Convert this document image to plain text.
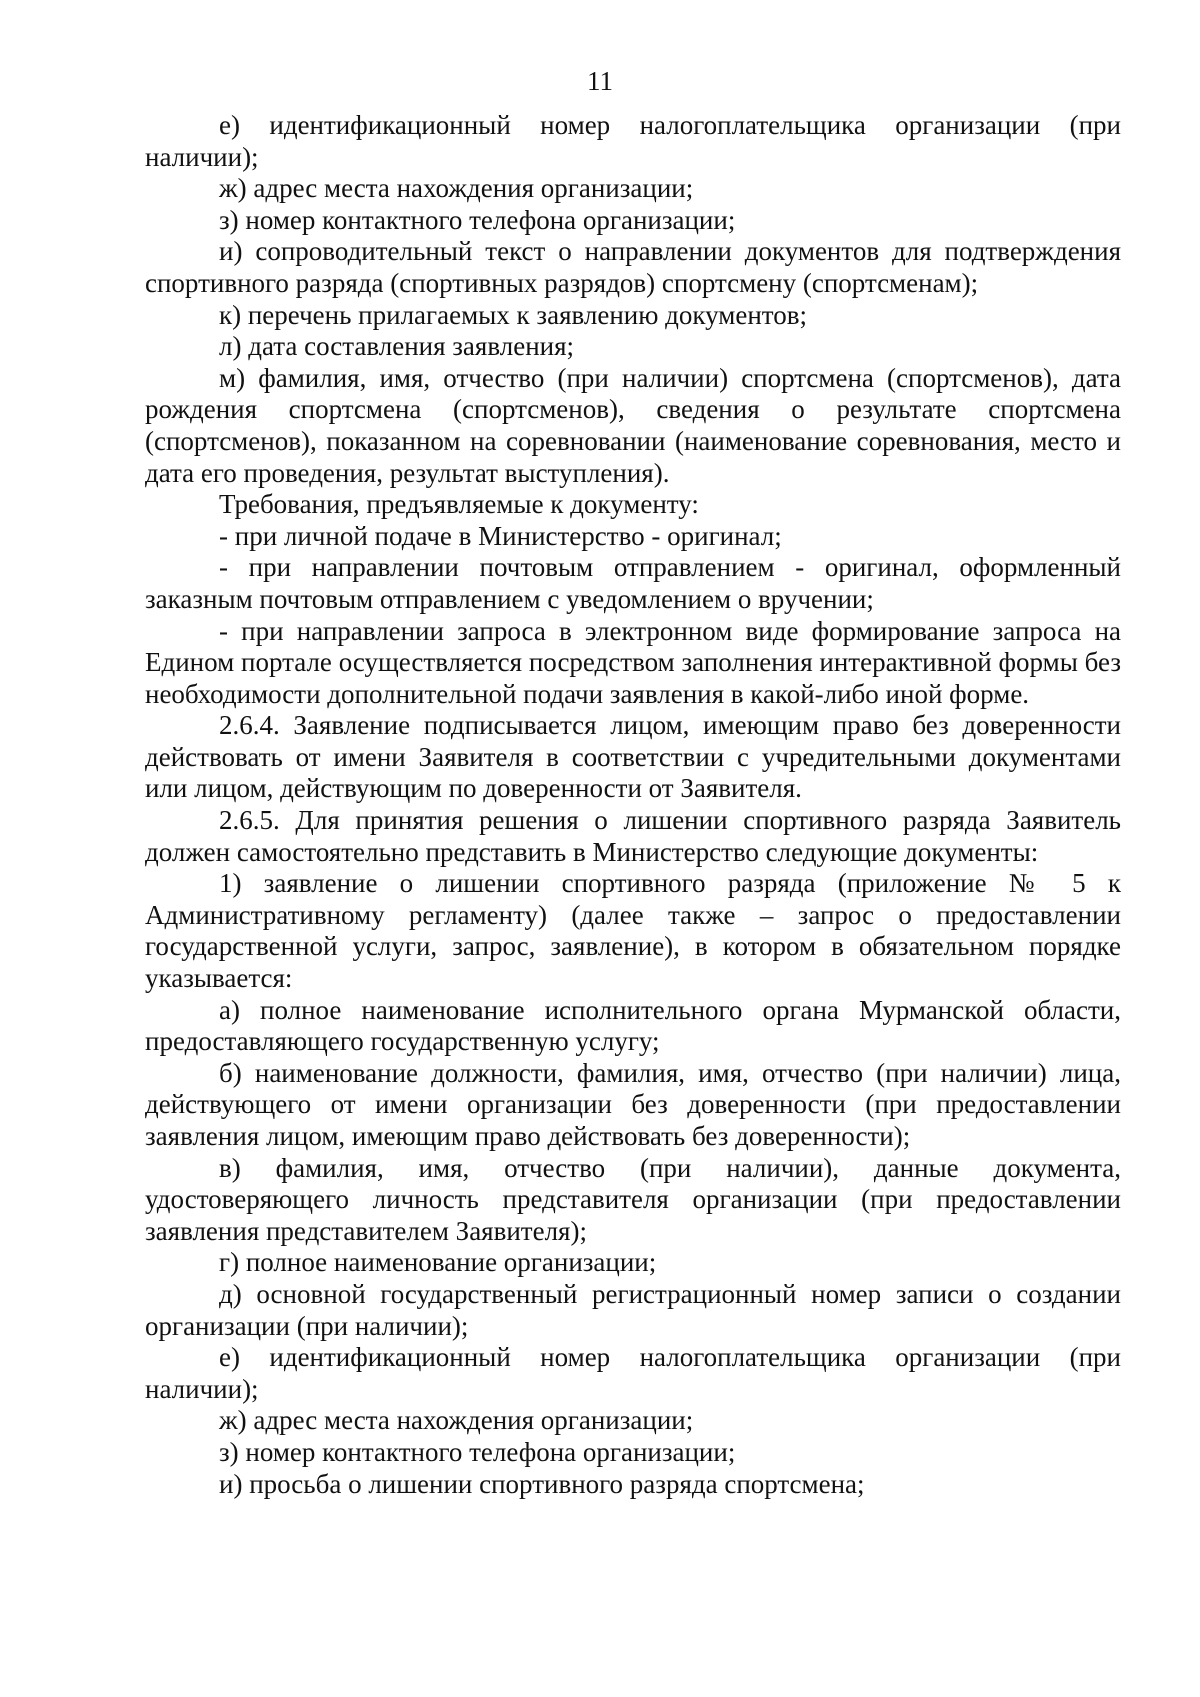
11

е) идентификационный номер налогоплательщика организации (при наличии);

ж) адрес места нахождения организации;

з) номер контактного телефона организации;

и) сопроводительный текст о направлении документов для подтверждения спортивного разряда (спортивных разрядов) спортсмену (спортсменам);

к) перечень прилагаемых к заявлению документов;

л) дата составления заявления;

м) фамилия, имя, отчество (при наличии) спортсмена (спортсменов), дата рождения спортсмена (спортсменов), сведения о результате спортсмена (спортсменов), показанном на соревновании (наименование соревнования, место и дата его проведения, результат выступления).

Требования, предъявляемые к документу:

- при личной подаче в Министерство - оригинал;

- при направлении почтовым отправлением - оригинал, оформленный заказным почтовым отправлением с уведомлением о вручении;

- при направлении запроса в электронном виде формирование запроса на Едином портале осуществляется посредством заполнения интерактивной формы без необходимости дополнительной подачи заявления в какой-либо иной форме.

2.6.4. Заявление подписывается лицом, имеющим право без доверенности действовать от имени Заявителя в соответствии с учредительными документами или лицом, действующим по доверенности от Заявителя.

2.6.5. Для принятия решения о лишении спортивного разряда Заявитель должен самостоятельно представить в Министерство следующие документы:

1) заявление о лишении спортивного разряда (приложение № 5 к Административному регламенту) (далее также – запрос о предоставлении государственной услуги, запрос, заявление), в котором в обязательном порядке указывается:

а) полное наименование исполнительного органа Мурманской области, предоставляющего государственную услугу;

б) наименование должности, фамилия, имя, отчество (при наличии) лица, действующего от имени организации без доверенности (при предоставлении заявления лицом, имеющим право действовать без доверенности);

в) фамилия, имя, отчество (при наличии), данные документа, удостоверяющего личность представителя организации (при предоставлении заявления представителем Заявителя);

г) полное наименование организации;

д) основной государственный регистрационный номер записи о создании организации (при наличии);

е) идентификационный номер налогоплательщика организации (при наличии);

ж) адрес места нахождения организации;

з) номер контактного телефона организации;

и) просьба о лишении спортивного разряда спортсмена;
